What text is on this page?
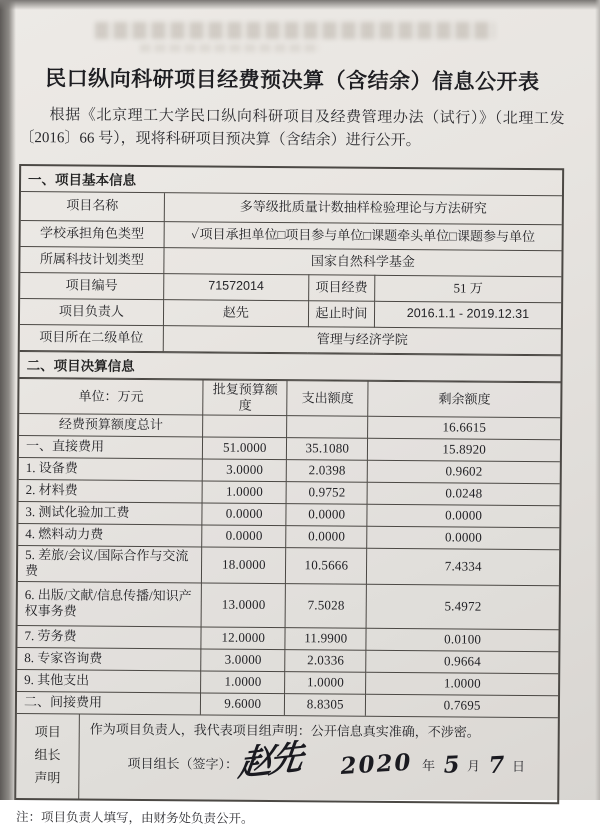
民口纵向科研项目经费预决算（含结余）信息公开表

根据《北京理工大学民口纵向科研项目及经费管理办法（试行）》（北理工发〔2016〕66 号），现将科研项目预决算（含结余）进行公开。

一、项目基本信息
项目名称	多等级批质量计数抽样检验理论与方法研究		
学校承担角色类型	✓项目承担单位□项目参与单位□课题牵头单位□课题参与单位		
所属科技计划类型	国家自然科学基金		
项目编号	71572014	项目经费	51 万
项目负责人	赵先	起止时间	2016.1.1 - 2019.12.31
项目所在二级单位	管理与经济学院		
二、项目决算信息
单位：万元	批复预算额度	支出额度	剩余额度
经费预算额度总计			16.6615
一、直接费用	51.0000	35.1080	15.8920
1. 设备费	3.0000	2.0398	0.9602
2. 材料费	1.0000	0.9752	0.0248
3. 测试化验加工费	0.0000	0.0000	0.0000
4. 燃料动力费	0.0000	0.0000	0.0000
5. 差旅/会议/国际合作与交流费	18.0000	10.5666	7.4334
6. 出版/文献/信息传播/知识产权事务费	13.0000	7.5028	5.4972
7. 劳务费	12.0000	11.9900	0.0100
8. 专家咨询费	3.0000	2.0336	0.9664
9. 其他支出	1.0000	1.0000	1.0000
二、间接费用	9.6000	8.8305	0.7695
项目
组长
声明
作为项目负责人，我代表项目组声明：公开信息真实准确，不涉密。
项目组长（签字）：
赵先 2020 年 5 月 7 日

注：项目负责人填写，由财务处负责公开。
